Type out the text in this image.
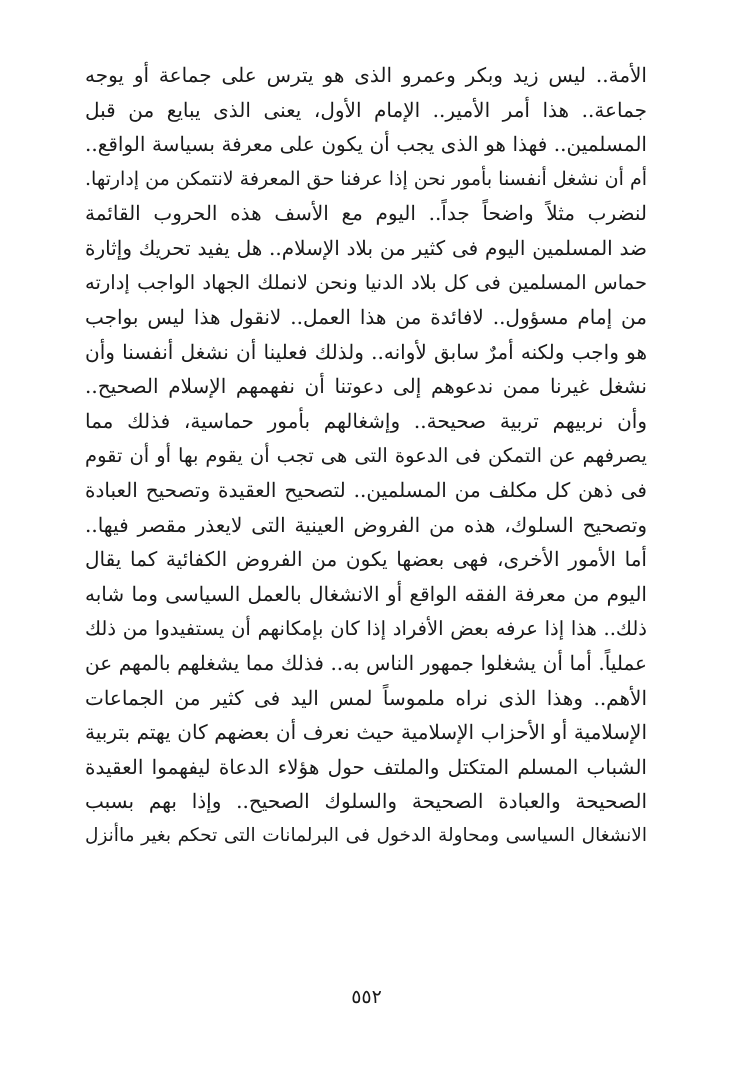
الأمة.. ليس زيد وبكر وعمرو الذى هو يترس على جماعة أو يوجه
جماعة.. هذا أمر الأمير.. الإمام الأول، يعنى الذى يبايع من قبل
المسلمين.. فهذا هو الذى يجب أن يكون على معرفة بسياسة الواقع..
أم أن نشغل أنفسنا بأمور نحن إذا عرفنا حق المعرفة لانتمكن من إدارتها.
لنضرب مثلاً واضحاً جداً.. اليوم مع الأسف هذه الحروب القائمة
ضد المسلمين اليوم فى كثير من بلاد الإسلام.. هل يفيد تحريك وإثارة
حماس المسلمين فى كل بلاد الدنيا ونحن لانملك الجهاد الواجب إدارته
من إمام مسؤول.. لافائدة من هذا العمل.. لانقول هذا ليس بواجب
هو واجب ولكنه أمرٌ سابق لأوانه.. ولذلك فعلينا أن نشغل أنفسنا وأن
نشغل غيرنا ممن ندعوهم إلى دعوتنا أن نفهمهم الإسلام الصحيح..
وأن نربيهم تربية صحيحة.. وإشغالهم بأمور حماسية، فذلك مما
يصرفهم عن التمكن فى الدعوة التى هى تجب أن يقوم بها أو أن تقوم
فى ذهن كل مكلف من المسلمين.. لتصحيح العقيدة وتصحيح العبادة
وتصحيح السلوك، هذه من الفروض العينية التى لايعذر مقصر فيها..
أما الأمور الأخرى، فهى بعضها يكون من الفروض الكفائية كما يقال
اليوم من معرفة الفقه الواقع أو الانشغال بالعمل السياسى وما شابه
ذلك.. هذا إذا عرفه بعض الأفراد إذا كان بإمكانهم أن يستفيدوا من ذلك
عملياً. أما أن يشغلوا جمهور الناس به.. فذلك مما يشغلهم بالمهم عن
الأهم.. وهذا الذى نراه ملموساً لمس اليد فى كثير من الجماعات
الإسلامية أو الأحزاب الإسلامية حيث نعرف أن بعضهم كان يهتم بتربية
الشباب المسلم المتكتل والملتف حول هؤلاء الدعاة ليفهموا العقيدة
الصحيحة والعبادة الصحيحة والسلوك الصحيح.. وإذا بهم بسبب
الانشغال السياسى ومحاولة الدخول فى البرلمانات التى تحكم بغير ماأنزل
٥٥٢
